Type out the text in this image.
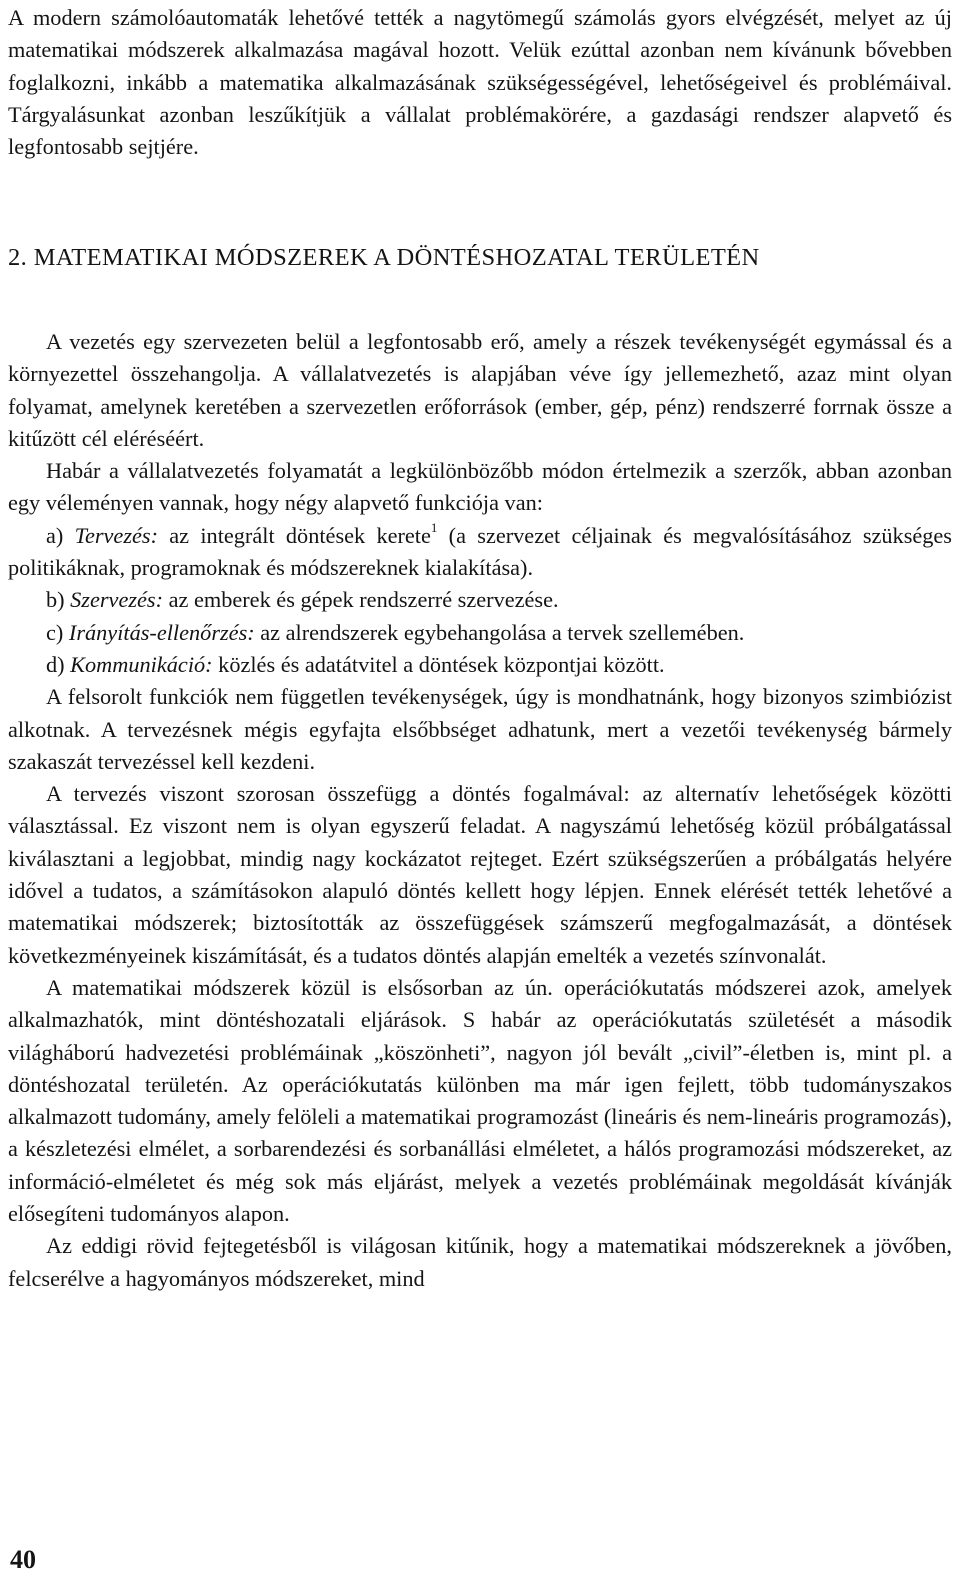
A modern számolóautomaták lehetővé tették a nagytömegű számolás gyors elvégzését, melyet az új matematikai módszerek alkalmazása magával hozott. Velük ezúttal azonban nem kívánunk bővebben foglalkozni, inkább a matematika alkalmazásának szükségességével, lehetőségeivel és problémáival. Tárgyalásunkat azonban leszűkítjük a vállalat problémakörére, a gazdasági rendszer alapvető és legfontosabb sejtjére.

2. MATEMATIKAI MÓDSZEREK A DÖNTÉSHOZATAL TERÜLETÉN

A vezetés egy szervezeten belül a legfontosabb erő, amely a részek tevékenységét egymással és a környezettel összehangolja. A vállalatvezetés is alapjában véve így jellemezhető, azaz mint olyan folyamat, amelynek keretében a szervezetlen erőforrások (ember, gép, pénz) rendszerré forrnak össze a kitűzött cél eléréséért.

Habár a vállalatvezetés folyamatát a legkülönbözőbb módon értelmezik a szerzők, abban azonban egy véleményen vannak, hogy négy alapvető funkciója van:

a) Tervezés: az integrált döntések kerete$^1$ (a szervezet céljainak és megvalósításához szükséges politikáknak, programoknak és módszereknek kialakítása).

b) Szervezés: az emberek és gépek rendszerré szervezése.

c) Irányítás-ellenőrzés: az alrendszerek egybehangolása a tervek szellemében.

d) Kommunikáció: közlés és adatátvitel a döntések központjai között.

A felsorolt funkciók nem független tevékenységek, úgy is mondhatnánk, hogy bizonyos szimbiózist alkotnak. A tervezésnek mégis egyfajta elsőbbséget adhatunk, mert a vezetői tevékenység bármely szakaszát tervezéssel kell kezdeni.

A tervezés viszont szorosan összefügg a döntés fogalmával: az alternatív lehetőségek közötti választással. Ez viszont nem is olyan egyszerű feladat. A nagyszámú lehetőség közül próbálgatással kiválasztani a legjobbat, mindig nagy kockázatot rejteget. Ezért szükségszerűen a próbálgatás helyére idővel a tudatos, a számításokon alapuló döntés kellett hogy lépjen. Ennek elérését tették lehetővé a matematikai módszerek; biztosították az összefüggések számszerű megfogalmazását, a döntések következményeinek kiszámítását, és a tudatos döntés alapján emelték a vezetés színvonalát.

A matematikai módszerek közül is elsősorban az ún. operációkutatás módszerei azok, amelyek alkalmazhatók, mint döntéshozatali eljárások. S habár az operációkutatás születését a második világháború hadvezetési problémáinak „köszönheti”, nagyon jól bevált „civil”-életben is, mint pl. a döntéshozatal területén. Az operációkutatás különben ma már igen fejlett, több tudományszakos alkalmazott tudomány, amely felöleli a matematikai programozást (lineáris és nem-lineáris programozás), a készletezési elmélet, a sorbarendezési és sorbanállási elméletet, a hálós programozási módszereket, az információ-elméletet és még sok más eljárást, melyek a vezetés problémáinak megoldását kívánják elősegíteni tudományos alapon.

Az eddigi rövid fejtegetésből is világosan kitűnik, hogy a matematikai módszereknek a jövőben, felcserélve a hagyományos módszereket, mind

40
